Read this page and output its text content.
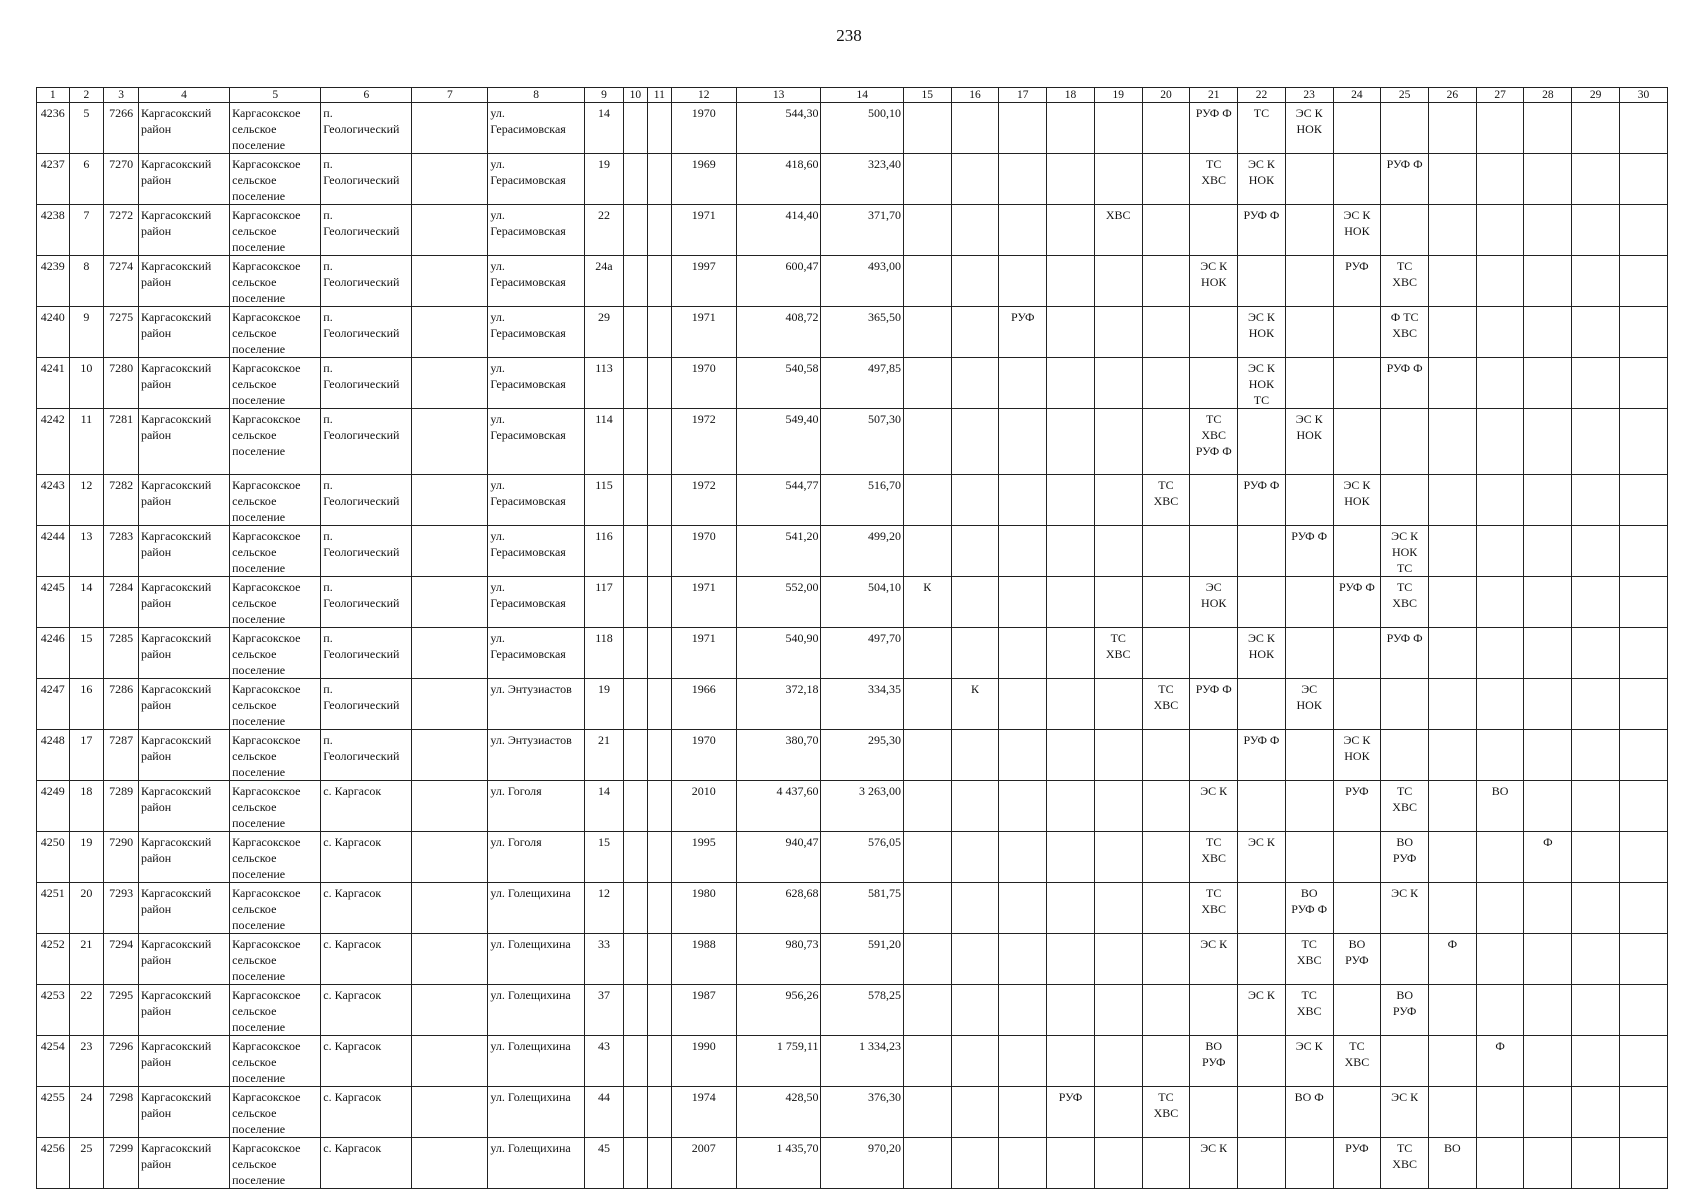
238
1	2	3	4	5	6	7	8	9	10	11	12	13	14	15	16	17	18	19	20	21	22	23	24	25	26	27	28	29	30
4236	5	7266	Каргасокский район	Каргасокское сельское поселение	п. Геологический		ул. Герасимовская	14			1970	544,30	500,10							РУФ Ф	ТС	ЭС К НОК							
4237	6	7270	Каргасокский район	Каргасокское сельское поселение	п. Геологический		ул. Герасимовская	19			1969	418,60	323,40							ТС ХВС	ЭС К НОК			РУФ Ф					
4238	7	7272	Каргасокский район	Каргасокское сельское поселение	п. Геологический		ул. Герасимовская	22			1971	414,40	371,70					ХВС			РУФ Ф		ЭС К НОК						
4239	8	7274	Каргасокский район	Каргасокское сельское поселение	п. Геологический		ул. Герасимовская	24а			1997	600,47	493,00							ЭС К НОК			РУФ	ТС ХВС					
4240	9	7275	Каргасокский район	Каргасокское сельское поселение	п. Геологический		ул. Герасимовская	29			1971	408,72	365,50			РУФ					ЭС К НОК			Ф ТС ХВС					
4241	10	7280	Каргасокский район	Каргасокское сельское поселение	п. Геологический		ул. Герасимовская	113			1970	540,58	497,85								ЭС К НОК ТС			РУФ Ф					
4242	11	7281	Каргасокский район	Каргасокское сельское поселение	п. Геологический		ул. Герасимовская	114			1972	549,40	507,30							ТС ХВС РУФ Ф		ЭС К НОК							
4243	12	7282	Каргасокский район	Каргасокское сельское поселение	п. Геологический		ул. Герасимовская	115			1972	544,77	516,70						ТС ХВС		РУФ Ф		ЭС К НОК						
4244	13	7283	Каргасокский район	Каргасокское сельское поселение	п. Геологический		ул. Герасимовская	116			1970	541,20	499,20									РУФ Ф		ЭС К НОК ТС					
4245	14	7284	Каргасокский район	Каргасокское сельское поселение	п. Геологический		ул. Герасимовская	117			1971	552,00	504,10	К						ЭС НОК			РУФ Ф	ТС ХВС					
4246	15	7285	Каргасокский район	Каргасокское сельское поселение	п. Геологический		ул. Герасимовская	118			1971	540,90	497,70					ТС ХВС			ЭС К НОК			РУФ Ф					
4247	16	7286	Каргасокский район	Каргасокское сельское поселение	п. Геологический		ул. Энтузиастов	19			1966	372,18	334,35		К				ТС ХВС	РУФ Ф		ЭС НОК							
4248	17	7287	Каргасокский район	Каргасокское сельское поселение	п. Геологический		ул. Энтузиастов	21			1970	380,70	295,30								РУФ Ф		ЭС К НОК						
4249	18	7289	Каргасокский район	Каргасокское сельское поселение	с. Каргасок		ул. Гоголя	14			2010	4 437,60	3 263,00							ЭС К			РУФ	ТС ХВС		ВО			
4250	19	7290	Каргасокский район	Каргасокское сельское поселение	с. Каргасок		ул. Гоголя	15			1995	940,47	576,05							ТС ХВС	ЭС К			ВО РУФ			Ф		
4251	20	7293	Каргасокский район	Каргасокское сельское поселение	с. Каргасок		ул. Голещихина	12			1980	628,68	581,75							ТС ХВС		ВО РУФ Ф		ЭС К					
4252	21	7294	Каргасокский район	Каргасокское сельское поселение	с. Каргасок		ул. Голещихина	33			1988	980,73	591,20							ЭС К		ТС ХВС	ВО РУФ		Ф				
4253	22	7295	Каргасокский район	Каргасокское сельское поселение	с. Каргасок		ул. Голещихина	37			1987	956,26	578,25								ЭС К	ТС ХВС		ВО РУФ					
4254	23	7296	Каргасокский район	Каргасокское сельское поселение	с. Каргасок		ул. Голещихина	43			1990	1 759,11	1 334,23							ВО РУФ		ЭС К	ТС ХВС			Ф			
4255	24	7298	Каргасокский район	Каргасокское сельское поселение	с. Каргасок		ул. Голещихина	44			1974	428,50	376,30				РУФ		ТС ХВС			ВО Ф		ЭС К					
4256	25	7299	Каргасокский район	Каргасокское сельское поселение	с. Каргасок		ул. Голещихина	45			2007	1 435,70	970,20							ЭС К			РУФ	ТС ХВС	ВО				
